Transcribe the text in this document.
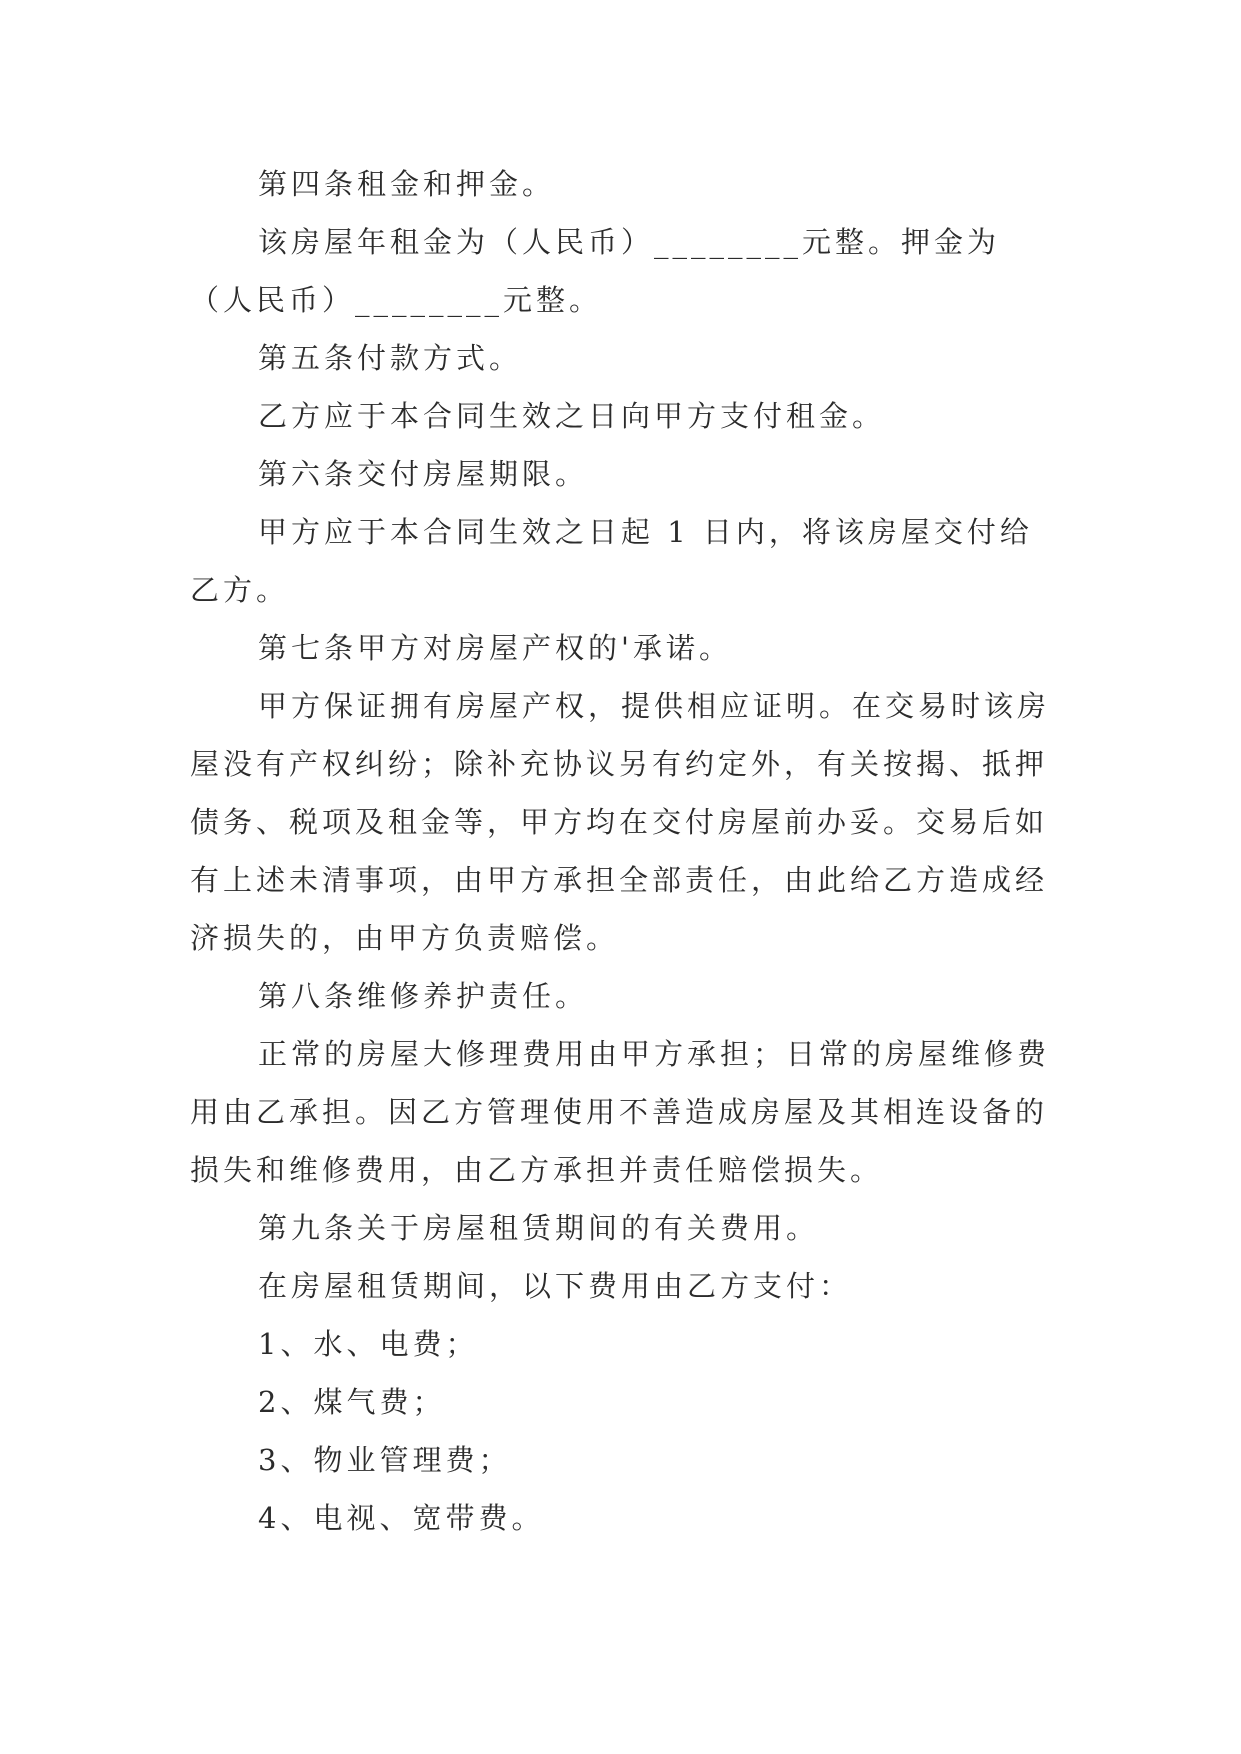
第四条租金和押金。

该房屋年租金为（人民币）________元整。押金为（人民币）________元整。

第五条付款方式。

乙方应于本合同生效之日向甲方支付租金。

第六条交付房屋期限。

甲方应于本合同生效之日起 1 日内，将该房屋交付给乙方。

第七条甲方对房屋产权的'承诺。

甲方保证拥有房屋产权，提供相应证明。在交易时该房屋没有产权纠纷；除补充协议另有约定外，有关按揭、抵押债务、税项及租金等，甲方均在交付房屋前办妥。交易后如有上述未清事项，由甲方承担全部责任，由此给乙方造成经济损失的，由甲方负责赔偿。

第八条维修养护责任。

正常的房屋大修理费用由甲方承担；日常的房屋维修费用由乙承担。因乙方管理使用不善造成房屋及其相连设备的损失和维修费用，由乙方承担并责任赔偿损失。

第九条关于房屋租赁期间的有关费用。

在房屋租赁期间，以下费用由乙方支付：

1、水、电费；

2、煤气费；

3、物业管理费；

4、电视、宽带费。
